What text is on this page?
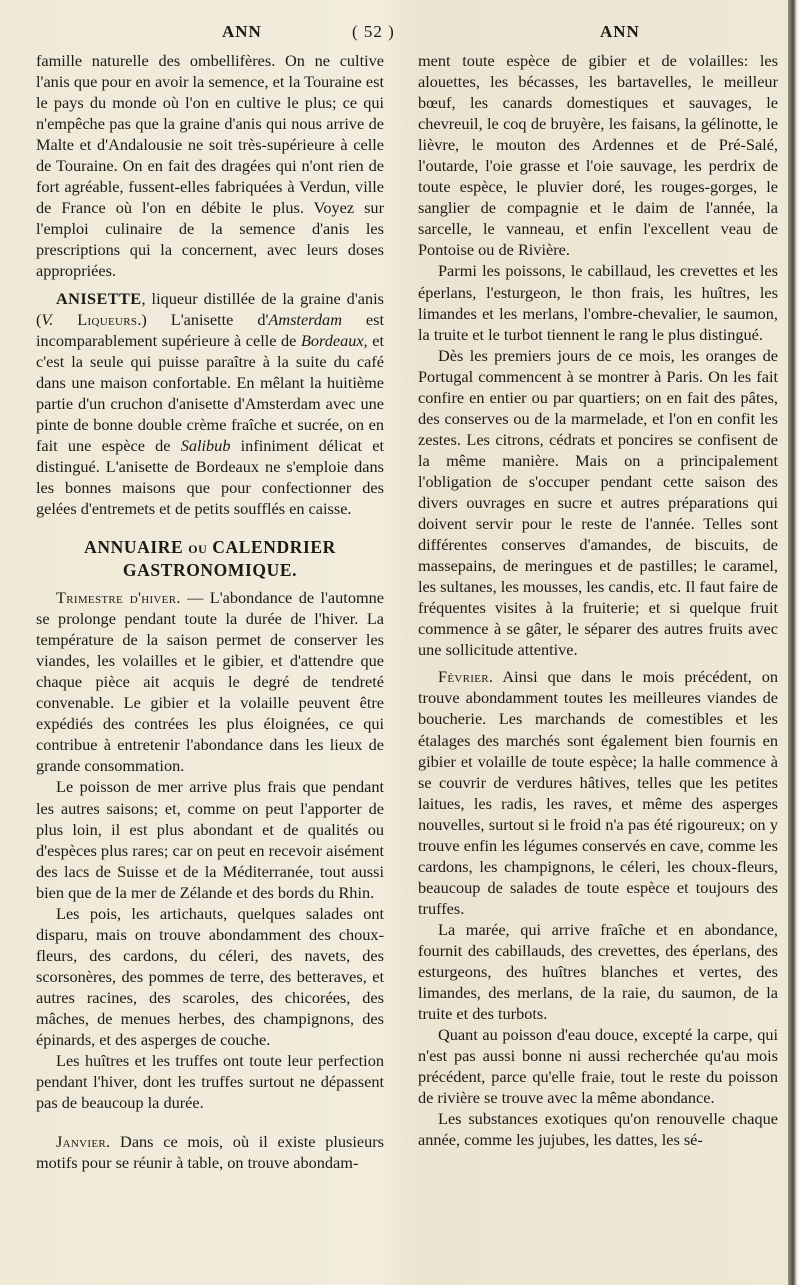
ANN	( 52 )	ANN

famille naturelle des ombellifères. On ne cultive l'anis que pour en avoir la semence, et la Touraine est le pays du monde où l'on en cultive le plus; ce qui n'empêche pas que la graine d'anis qui nous arrive de Malte et d'Andalousie ne soit très-supérieure à celle de Touraine. On en fait des dragées qui n'ont rien de fort agréable, fussent-elles fabriquées à Verdun, ville de France où l'on en débite le plus. Voyez sur l'emploi culinaire de la semence d'anis les prescriptions qui la concernent, avec leurs doses appropriées.

ANISETTE, liqueur distillée de la graine d'anis (V. Liqueurs.) L'anisette d'Amsterdam est incomparablement supérieure à celle de Bordeaux, et c'est la seule qui puisse paraître à la suite du café dans une maison confortable. En mêlant la huitième partie d'un cruchon d'anisette d'Amsterdam avec une pinte de bonne double crème fraîche et sucrée, on en fait une espèce de Salibub infiniment délicat et distingué. L'anisette de Bordeaux ne s'emploie dans les bonnes maisons que pour confectionner des gelées d'entremets et de petits soufflés en caisse.

ANNUAIRE OU CALENDRIER
GASTRONOMIQUE.

Trimestre d'hiver. — L'abondance de l'automne se prolonge pendant toute la durée de l'hiver. La température de la saison permet de conserver les viandes, les volailles et le gibier, et d'attendre que chaque pièce ait acquis le degré de tendreté convenable. Le gibier et la volaille peuvent être expédiés des contrées les plus éloignées, ce qui contribue à entretenir l'abondance dans les lieux de grande consommation.

Le poisson de mer arrive plus frais que pendant les autres saisons; et, comme on peut l'apporter de plus loin, il est plus abondant et de qualités ou d'espèces plus rares; car on peut en recevoir aisément des lacs de Suisse et de la Méditerranée, tout aussi bien que de la mer de Zélande et des bords du Rhin.

Les pois, les artichauts, quelques salades ont disparu, mais on trouve abondamment des choux-fleurs, des cardons, du céleri, des navets, des scorsonères, des pommes de terre, des betteraves, et autres racines, des scaroles, des chicorées, des mâches, de menues herbes, des champignons, des épinards, et des asperges de couche.

Les huîtres et les truffes ont toute leur perfection pendant l'hiver, dont les truffes surtout ne dépassent pas de beaucoup la durée.

Janvier. Dans ce mois, où il existe plusieurs motifs pour se réunir à table, on trouve abondam-

ment toute espèce de gibier et de volailles: les alouettes, les bécasses, les bartavelles, le meilleur bœuf, les canards domestiques et sauvages, le chevreuil, le coq de bruyère, les faisans, la gélinotte, le lièvre, le mouton des Ardennes et de Pré-Salé, l'outarde, l'oie grasse et l'oie sauvage, les perdrix de toute espèce, le pluvier doré, les rouges-gorges, le sanglier de compagnie et le daim de l'année, la sarcelle, le vanneau, et enfin l'excellent veau de Pontoise ou de Rivière.

Parmi les poissons, le cabillaud, les crevettes et les éperlans, l'esturgeon, le thon frais, les huîtres, les limandes et les merlans, l'ombre-chevalier, le saumon, la truite et le turbot tiennent le rang le plus distingué.

Dès les premiers jours de ce mois, les oranges de Portugal commencent à se montrer à Paris. On les fait confire en entier ou par quartiers; on en fait des pâtes, des conserves ou de la marmelade, et l'on en confit les zestes. Les citrons, cédrats et poncires se confisent de la même manière. Mais on a principalement l'obligation de s'occuper pendant cette saison des divers ouvrages en sucre et autres préparations qui doivent servir pour le reste de l'année. Telles sont différentes conserves d'amandes, de biscuits, de massepains, de meringues et de pastilles; le caramel, les sultanes, les mousses, les candis, etc. Il faut faire de fréquentes visites à la fruiterie; et si quelque fruit commence à se gâter, le séparer des autres fruits avec une sollicitude attentive.

Février. Ainsi que dans le mois précédent, on trouve abondamment toutes les meilleures viandes de boucherie. Les marchands de comestibles et les étalages des marchés sont également bien fournis en gibier et volaille de toute espèce; la halle commence à se couvrir de verdures hâtives, telles que les petites laitues, les radis, les raves, et même des asperges nouvelles, surtout si le froid n'a pas été rigoureux; on y trouve enfin les légumes conservés en cave, comme les cardons, les champignons, le céleri, les choux-fleurs, beaucoup de salades de toute espèce et toujours des truffes.

La marée, qui arrive fraîche et en abondance, fournit des cabillauds, des crevettes, des éperlans, des esturgeons, des huîtres blanches et vertes, des limandes, des merlans, de la raie, du saumon, de la truite et des turbots.

Quant au poisson d'eau douce, excepté la carpe, qui n'est pas aussi bonne ni aussi recherchée qu'au mois précédent, parce qu'elle fraie, tout le reste du poisson de rivière se trouve avec la même abondance.

Les substances exotiques qu'on renouvelle chaque année, comme les jujubes, les dattes, les sé-
